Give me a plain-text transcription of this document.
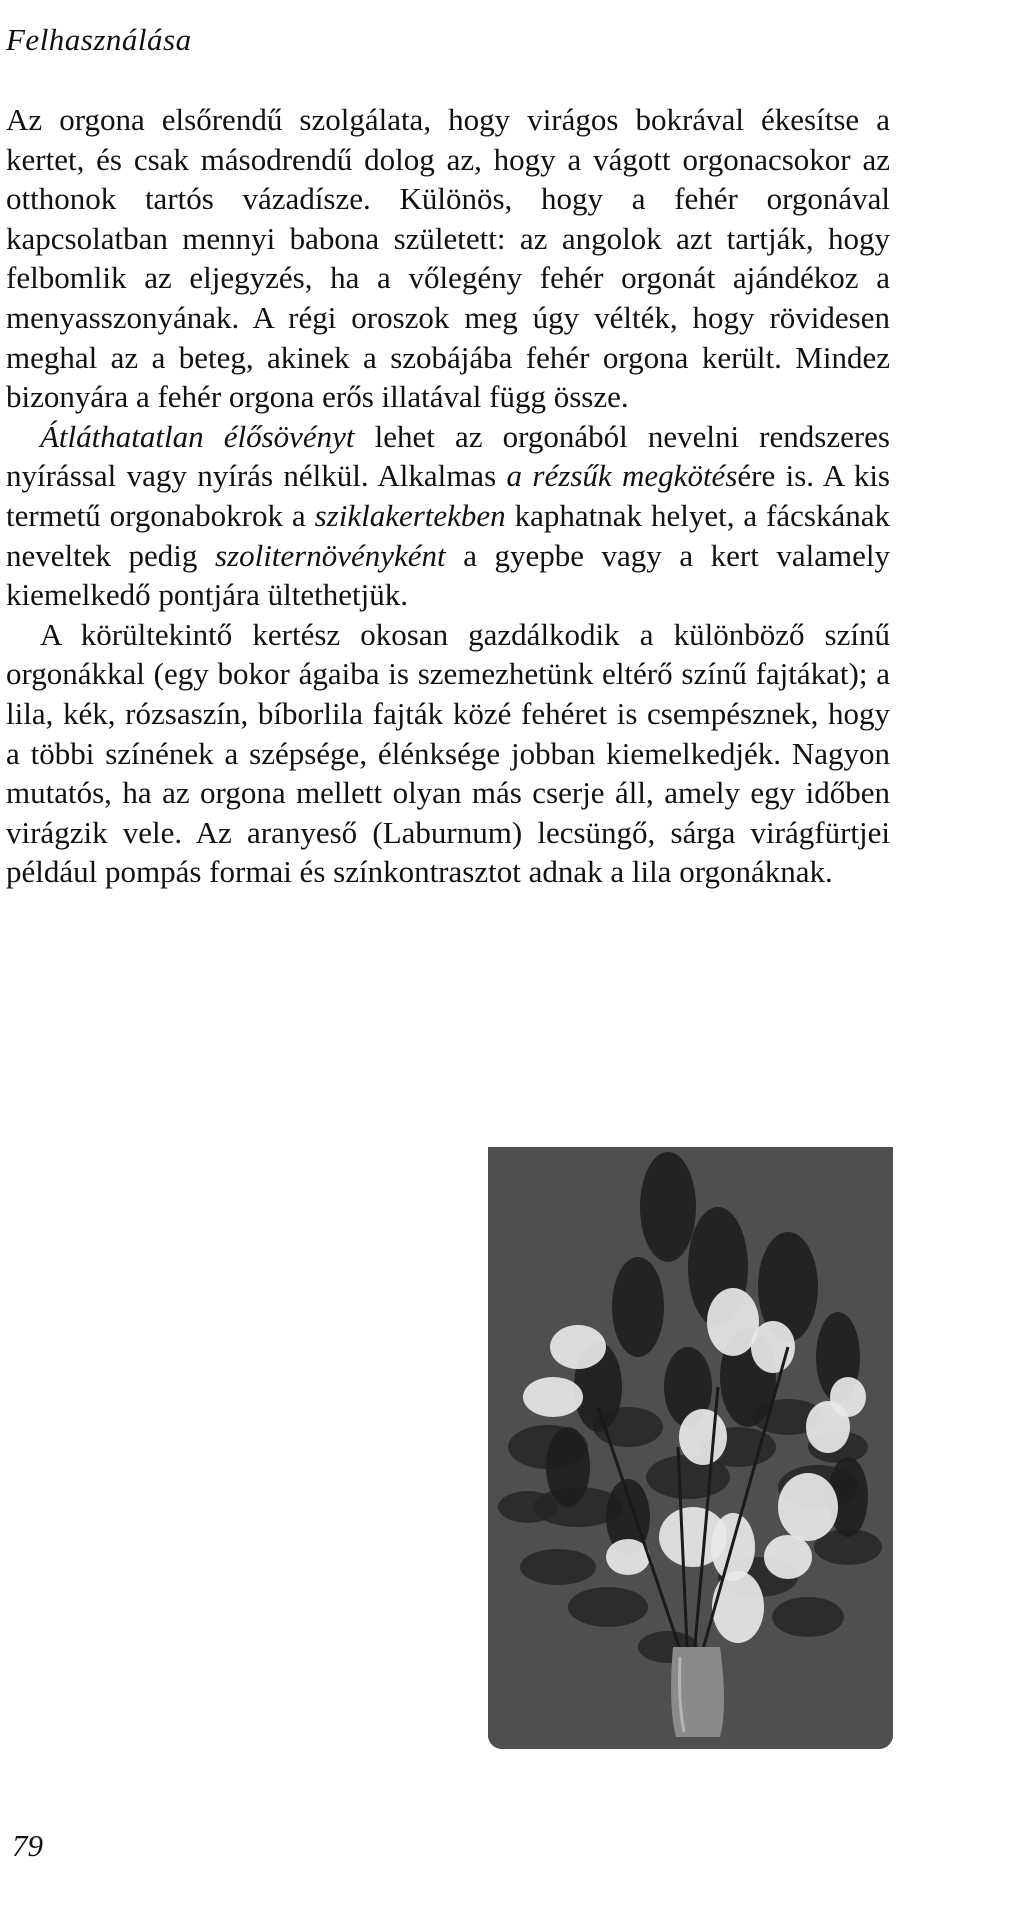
Felhasználása

Az orgona elsőrendű szolgálata, hogy virágos bokrával ékesítse a kertet, és csak másodrendű dolog az, hogy a vágott orgonacsokor az otthonok tartós vázadísze. Különös, hogy a fehér orgonával kapcsolatban mennyi babona született: az angolok azt tartják, hogy felbomlik az eljegyzés, ha a vőlegény fehér orgonát ajándékoz a menyasszonyának. A régi oroszok meg úgy vélték, hogy rövidesen meghal az a beteg, akinek a szobájába fehér orgona került. Mindez bizonyára a fehér orgona erős illatával függ össze.

Átláthatatlan élősövényt lehet az orgonából nevelni rendszeres nyírással vagy nyírás nélkül. Alkalmas a rézsűk megkötésére is. A kis termetű orgonabokrok a sziklakertekben kaphatnak helyet, a fácskának neveltek pedig szoliternövényként a gyepbe vagy a kert valamely kiemelkedő pontjára ültethetjük.

A körültekintő kertész okosan gazdálkodik a különböző színű orgonákkal (egy bokor ágaiba is szemezhetünk eltérő színű fajtákat); a lila, kék, rózsaszín, bíborlila fajták közé fehéret is csempésznek, hogy a többi színének a szépsége, élénksége jobban kiemelkedjék. Nagyon mutatós, ha az orgona mellett olyan más cserje áll, amely egy időben virágzik vele. Az aranyeső (Laburnum) lecsüngő, sárga virágfürtjei például pompás formai és színkontrasztot adnak a lila orgonáknak.

79
